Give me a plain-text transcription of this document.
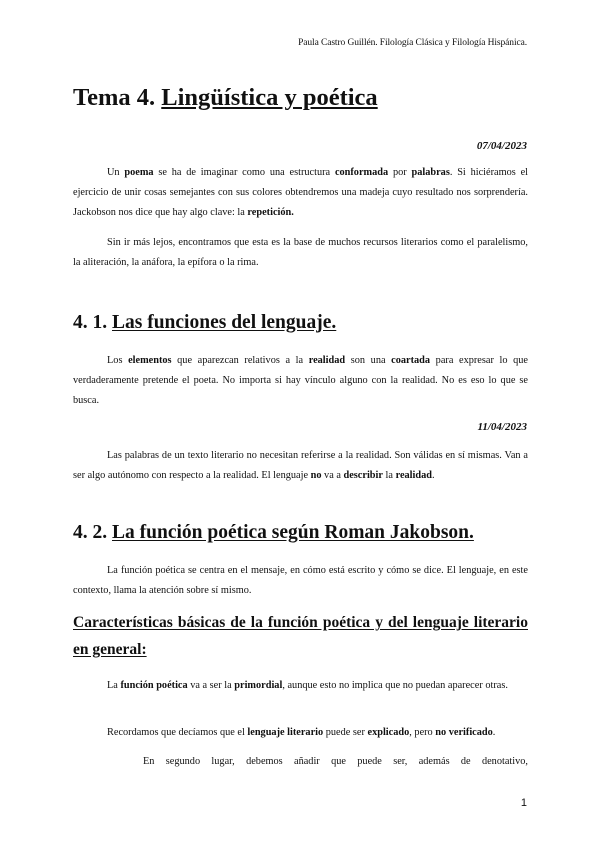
Paula Castro Guillén. Filología Clásica y Filología Hispánica.
Tema 4. Lingüística y poética
07/04/2023

Un poema se ha de imaginar como una estructura conformada por palabras. Si hiciéramos el ejercicio de unir cosas semejantes con sus colores obtendremos una madeja cuyo resultado nos sorprendería. Jackobson nos dice que hay algo clave: la repetición.

Sin ir más lejos, encontramos que esta es la base de muchos recursos literarios como el paralelismo, la aliteración, la anáfora, la epífora o la rima.

4. 1. Las funciones del lenguaje.

Los elementos que aparezcan relativos a la realidad son una coartada para expresar lo que verdaderamente pretende el poeta. No importa si hay vínculo alguno con la realidad. No es eso lo que se busca.

11/04/2023

Las palabras de un texto literario no necesitan referirse a la realidad. Son válidas en sí mismas. Van a ser algo autónomo con respecto a la realidad. El lenguaje no va a describir la realidad.

4. 2. La función poética según Roman Jakobson.

La función poética se centra en el mensaje, en cómo está escrito y cómo se dice. El lenguaje, en este contexto, llama la atención sobre sí mismo.

Características básicas de la función poética y del lenguaje literario en general:

La función poética va a ser la primordial, aunque esto no implica que no puedan aparecer otras.

Recordamos que decíamos que el lenguaje literario puede ser explicado, pero no verificado.

En segundo lugar, debemos añadir que puede ser, además de denotativo,

1
